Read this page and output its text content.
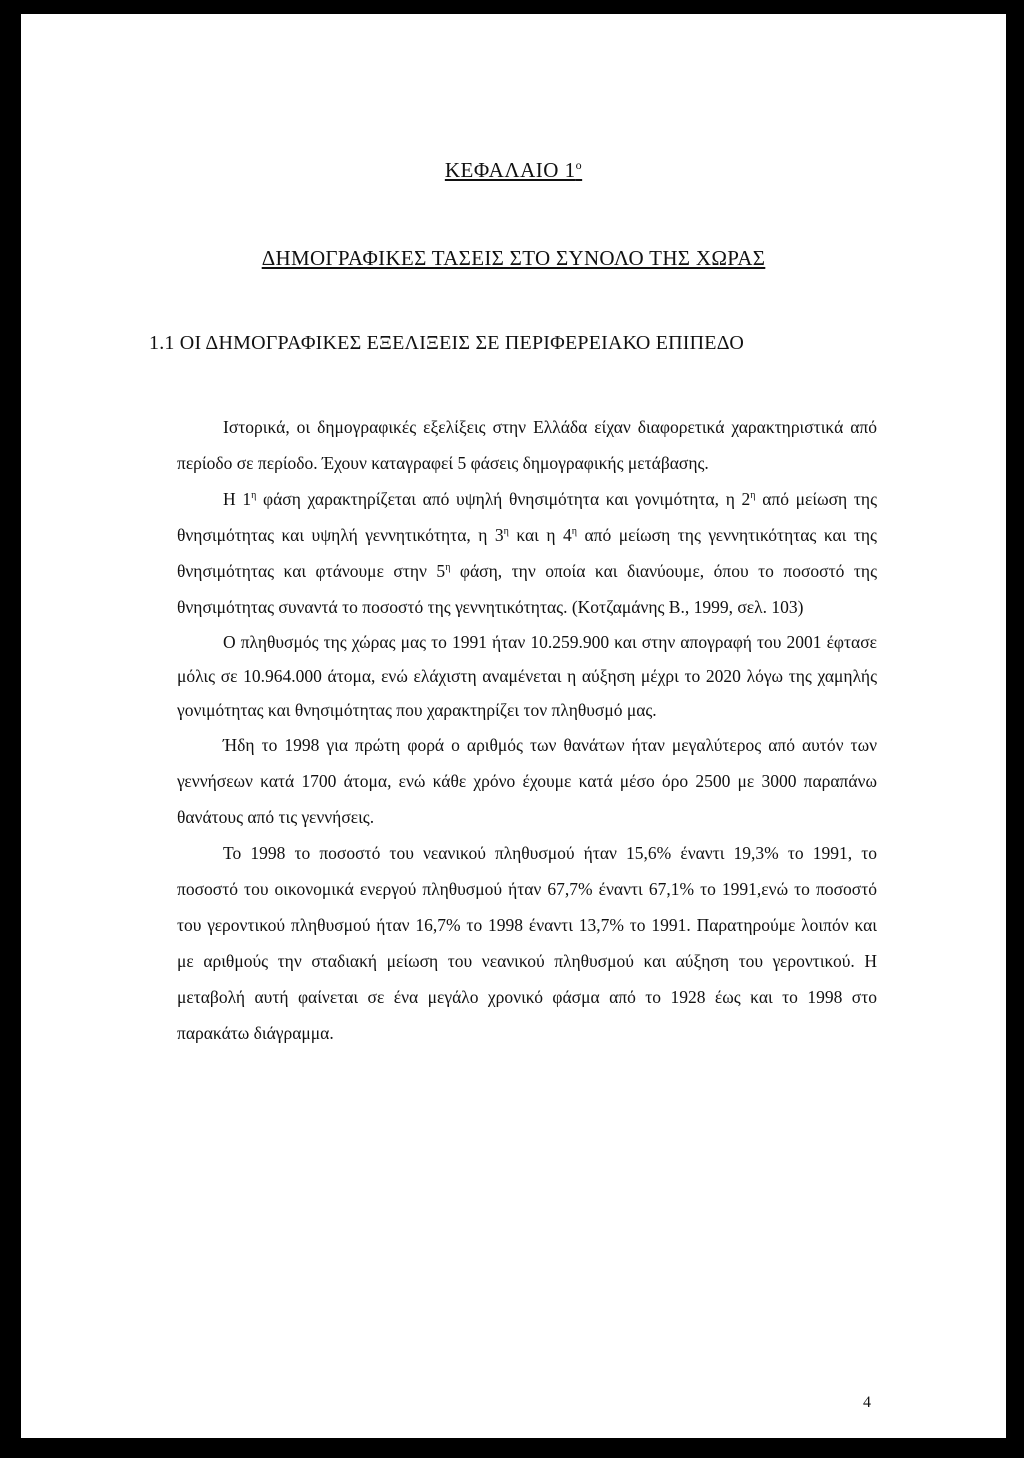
ΚΕΦΑΛΑΙΟ $1^o$
ΔΗΜΟΓΡΑΦΙΚΕΣ ΤΑΣΕΙΣ ΣΤΟ ΣΥΝΟΛΟ ΤΗΣ ΧΩΡΑΣ
1.1 ΟΙ ΔΗΜΟΓΡΑΦΙΚΕΣ ΕΞΕΛΙΞΕΙΣ ΣΕ ΠΕΡΙΦΕΡΕΙΑΚΟ ΕΠΙΠΕΔΟ

Ιστορικά, οι δημογραφικές εξελίξεις στην Ελλάδα είχαν διαφορετικά χαρακτηριστικά από περίοδο σε περίοδο. Έχουν καταγραφεί 5 φάσεις δημογραφικής μετάβασης.

Η $1^\eta$ φάση χαρακτηρίζεται από υψηλή θνησιμότητα και γονιμότητα, η $2^\eta$ από μείωση της θνησιμότητας και υψηλή γεννητικότητα, η $3^\eta$ και η $4^\eta$ από μείωση της γεννητικότητας και της θνησιμότητας και φτάνουμε στην $5^\eta$ φάση, την οποία και διανύουμε, όπου το ποσοστό της θνησιμότητας συναντά το ποσοστό της γεννητικότητας. (Κοτζαμάνης Β., 1999, σελ. 103)

Ο πληθυσμός της χώρας μας το 1991 ήταν 10.259.900 και στην απογραφή του 2001 έφτασε μόλις σε 10.964.000 άτομα, ενώ ελάχιστη αναμένεται η αύξηση μέχρι το 2020 λόγω της χαμηλής γονιμότητας και θνησιμότητας που χαρακτηρίζει τον πληθυσμό μας.

Ήδη το 1998 για πρώτη φορά ο αριθμός των θανάτων ήταν μεγαλύτερος από αυτόν των γεννήσεων κατά 1700 άτομα, ενώ κάθε χρόνο έχουμε κατά μέσο όρο 2500 με 3000 παραπάνω θανάτους από τις γεννήσεις.

Το 1998 το ποσοστό του νεανικού πληθυσμού ήταν 15,6% έναντι 19,3% το 1991, το ποσοστό του οικονομικά ενεργού πληθυσμού ήταν 67,7% έναντι 67,1% το 1991,ενώ το ποσοστό του γεροντικού πληθυσμού ήταν 16,7% το 1998 έναντι 13,7% το 1991. Παρατηρούμε λοιπόν και με αριθμούς την σταδιακή μείωση του νεανικού πληθυσμού και αύξηση του γεροντικού. Η μεταβολή αυτή φαίνεται σε ένα μεγάλο χρονικό φάσμα από το 1928 έως και το 1998 στο παρακάτω διάγραμμα.

4
